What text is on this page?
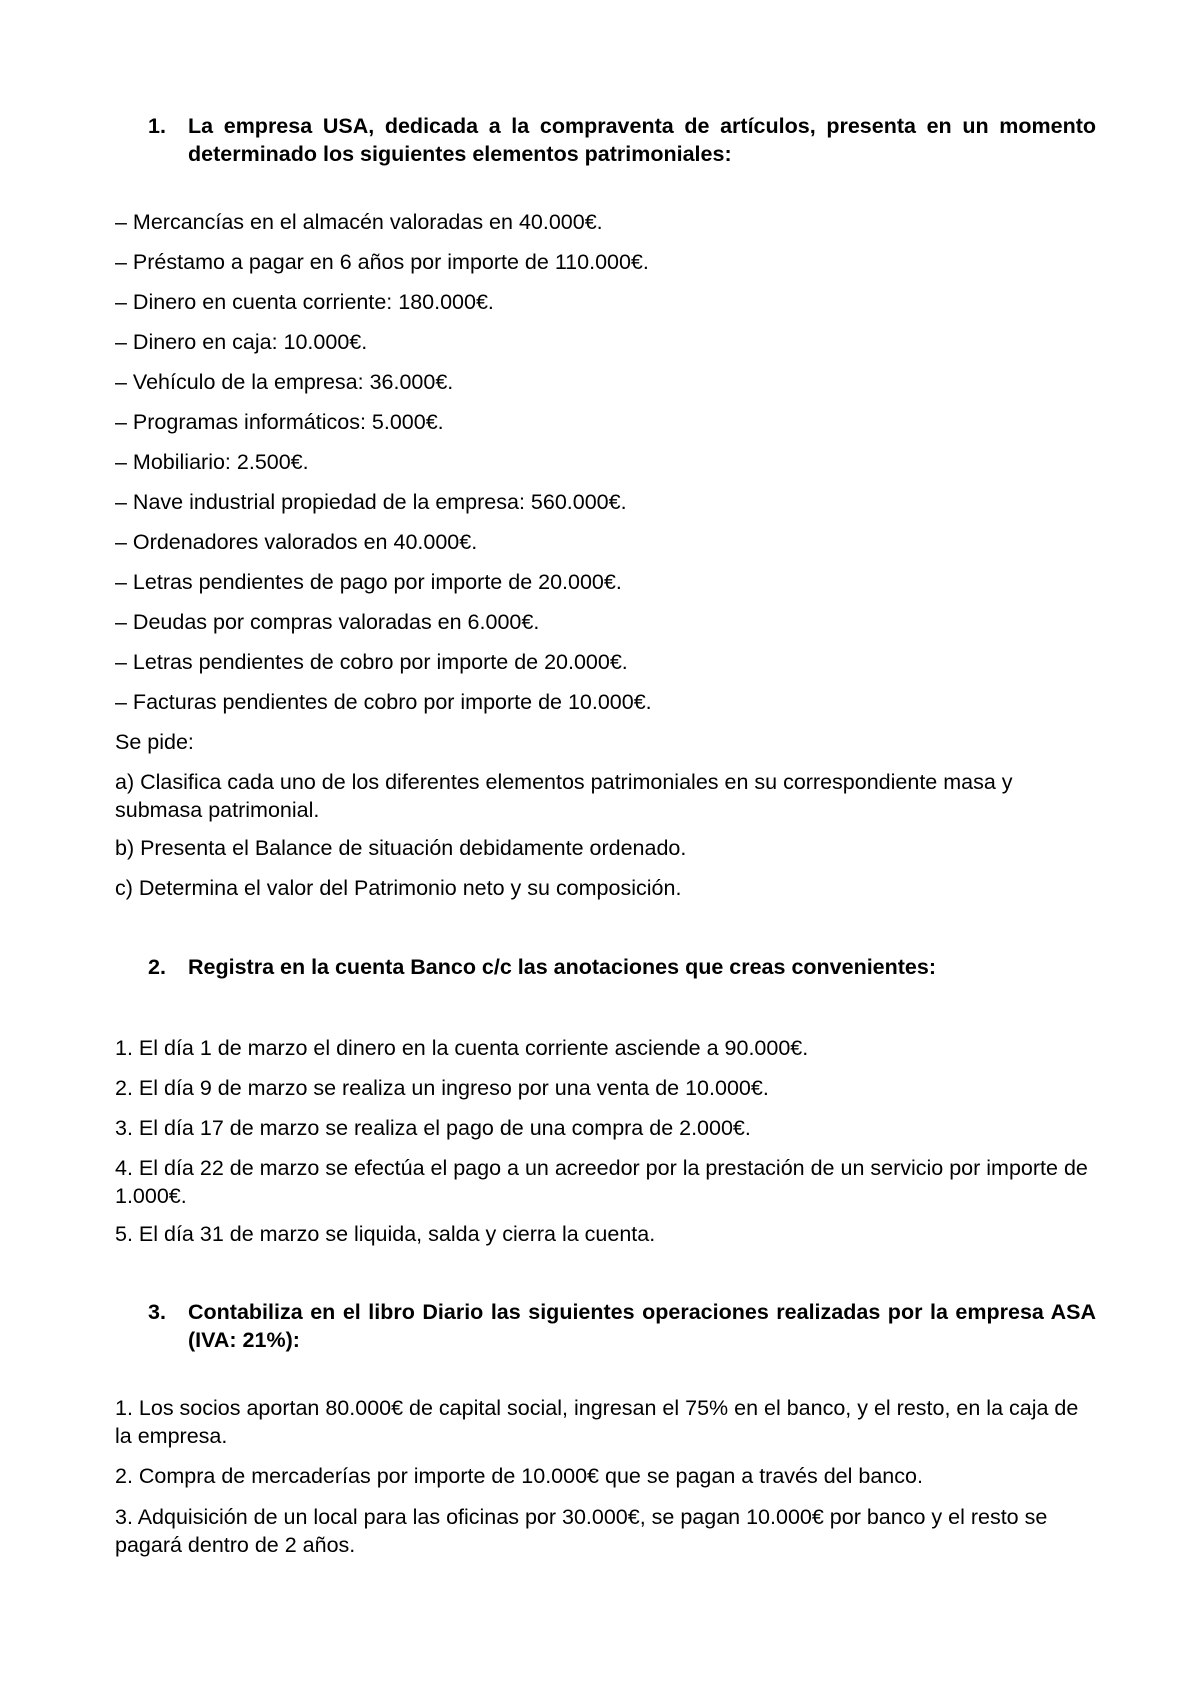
1. La empresa USA, dedicada a la compraventa de artículos, presenta en un momento determinado los siguientes elementos patrimoniales:
– Mercancías en el almacén valoradas en 40.000€.
– Préstamo a pagar en 6 años por importe de 110.000€.
– Dinero en cuenta corriente: 180.000€.
– Dinero en caja: 10.000€.
– Vehículo de la empresa: 36.000€.
– Programas informáticos: 5.000€.
– Mobiliario: 2.500€.
– Nave industrial propiedad de la empresa: 560.000€.
– Ordenadores valorados en 40.000€.
– Letras pendientes de pago por importe de 20.000€.
– Deudas por compras valoradas en 6.000€.
– Letras pendientes de cobro por importe de 20.000€.
– Facturas pendientes de cobro por importe de 10.000€.
Se pide:
a) Clasifica cada uno de los diferentes elementos patrimoniales en su correspondiente masa y submasa patrimonial.
b) Presenta el Balance de situación debidamente ordenado.
c) Determina el valor del Patrimonio neto y su composición.
2. Registra en la cuenta Banco c/c las anotaciones que creas convenientes:
1. El día 1 de marzo el dinero en la cuenta corriente asciende a 90.000€.
2. El día 9 de marzo se realiza un ingreso por una venta de 10.000€.
3. El día 17 de marzo se realiza el pago de una compra de 2.000€.
4. El día 22 de marzo se efectúa el pago a un acreedor por la prestación de un servicio por importe de 1.000€.
5. El día 31 de marzo se liquida, salda y cierra la cuenta.
3. Contabiliza en el libro Diario las siguientes operaciones realizadas por la empresa ASA (IVA: 21%):
1. Los socios aportan 80.000€ de capital social, ingresan el 75% en el banco, y el resto, en la caja de la empresa.
2. Compra de mercaderías por importe de 10.000€ que se pagan a través del banco.
3. Adquisición de un local para las oficinas por 30.000€, se pagan 10.000€ por banco y el resto se pagará dentro de 2 años.
